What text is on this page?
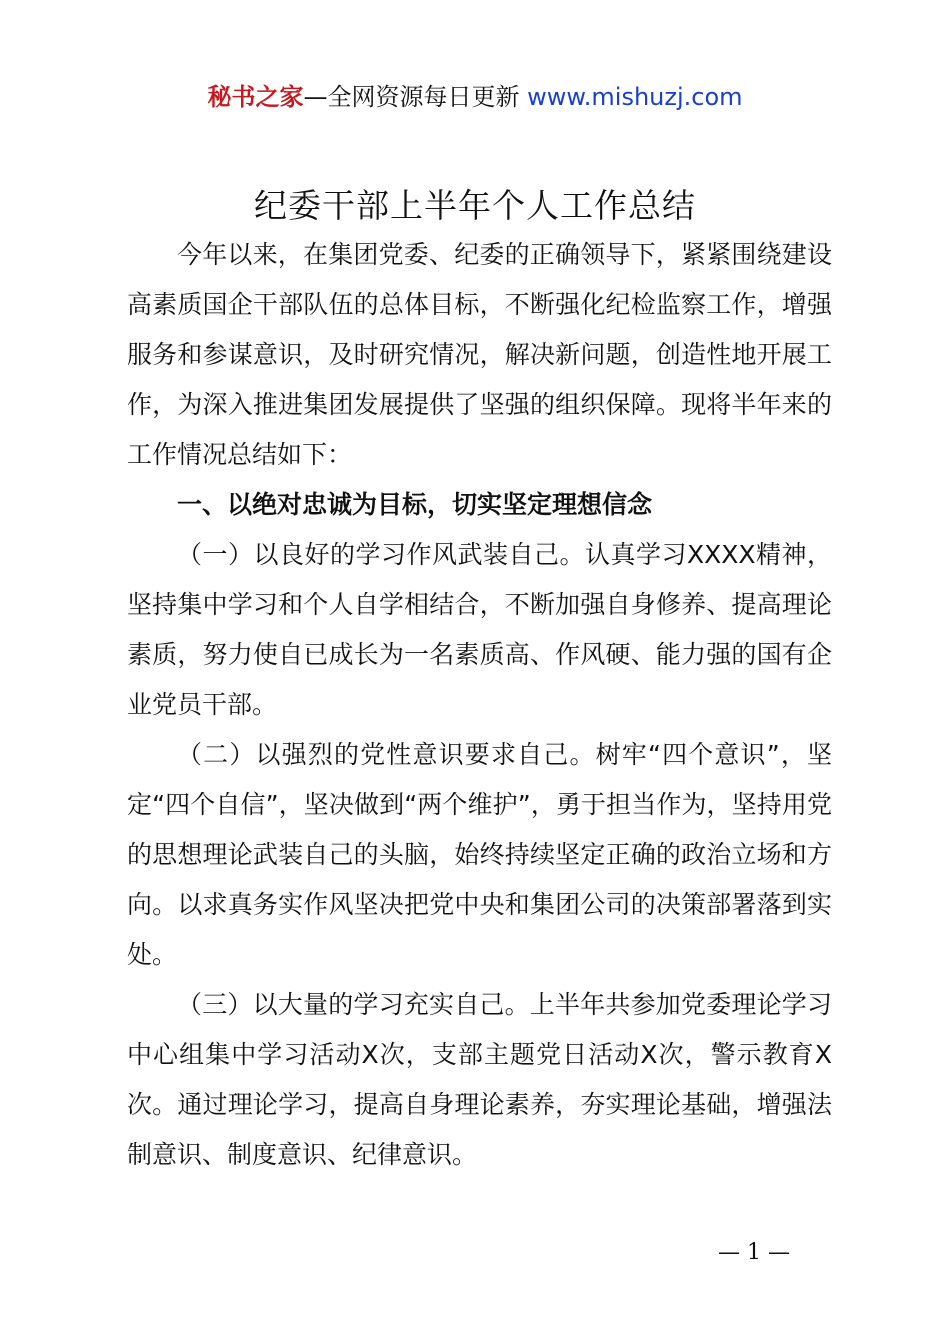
秘书之家—全网资源每日更新 www.mishuzj.com
纪委干部上半年个人工作总结

今年以来，在集团党委、纪委的正确领导下，紧紧围绕建设高素质国企干部队伍的总体目标，不断强化纪检监察工作，增强服务和参谋意识，及时研究情况，解决新问题，创造性地开展工作，为深入推进集团发展提供了坚强的组织保障。现将半年来的工作情况总结如下：

一、以绝对忠诚为目标，切实坚定理想信念

（一）以良好的学习作风武装自己。认真学习XXXX精神，坚持集中学习和个人自学相结合，不断加强自身修养、提高理论素质，努力使自已成长为一名素质高、作风硬、能力强的国有企业党员干部。

（二）以强烈的党性意识要求自己。树牢“四个意识”，坚定“四个自信”，坚决做到“两个维护”，勇于担当作为，坚持用党的思想理论武装自己的头脑，始终持续坚定正确的政治立场和方向。以求真务实作风坚决把党中央和集团公司的决策部署落到实处。

（三）以大量的学习充实自己。上半年共参加党委理论学习中心组集中学习活动X次，支部主题党日活动X次，警示教育X次。通过理论学习，提高自身理论素养，夯实理论基础，增强法制意识、制度意识、纪律意识。

— 1 —
